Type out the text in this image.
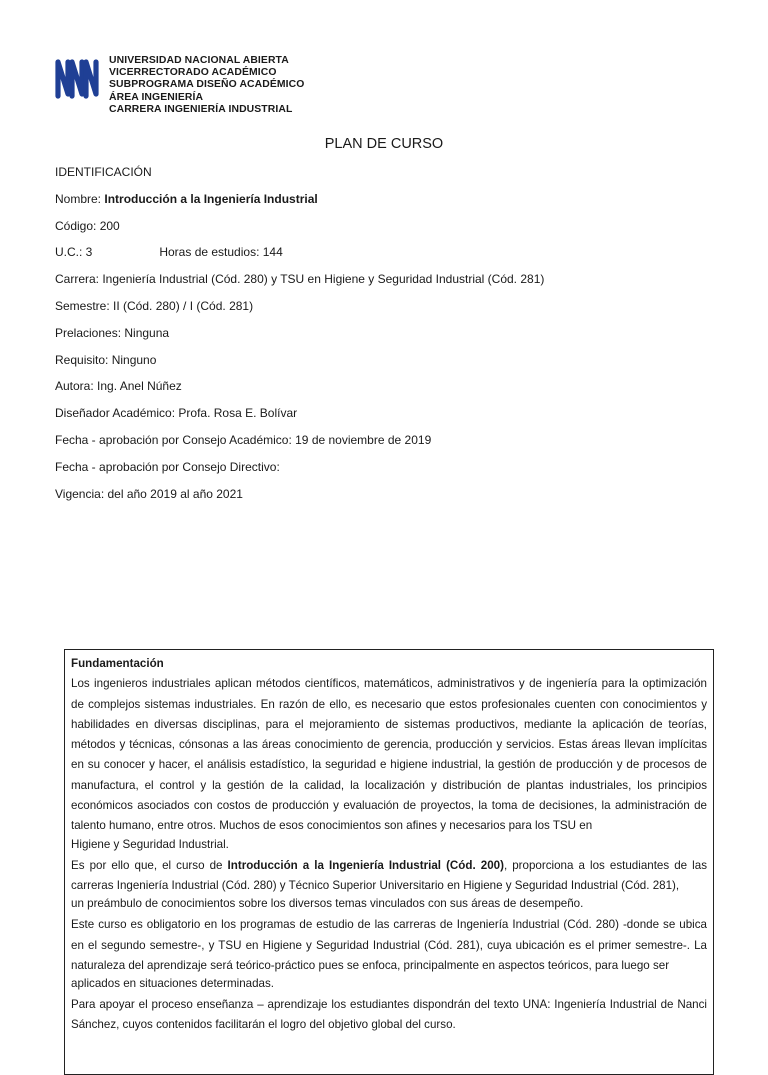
UNIVERSIDAD NACIONAL ABIERTA
VICERRECTORADO ACADÉMICO
SUBPROGRAMA DISEÑO ACADÉMICO
ÁREA INGENIERÍA
CARRERA INGENIERÍA INDUSTRIAL
PLAN DE CURSO
IDENTIFICACIÓN
Nombre: Introducción a la Ingeniería Industrial
Código: 200
U.C.: 3	Horas de estudios: 144
Carrera: Ingeniería Industrial (Cód. 280) y TSU en Higiene y Seguridad Industrial (Cód. 281)
Semestre: II (Cód. 280) / I (Cód. 281)
Prelaciones: Ninguna
Requisito: Ninguno
Autora: Ing. Anel Núñez
Diseñador Académico: Profa. Rosa E. Bolívar
Fecha - aprobación por Consejo Académico: 19 de noviembre de 2019
Fecha - aprobación por Consejo Directivo:
Vigencia: del año 2019 al año 2021
Fundamentación

Los ingenieros industriales aplican métodos científicos, matemáticos, administrativos y de ingeniería para la optimización de complejos sistemas industriales. En razón de ello, es necesario que estos profesionales cuenten con conocimientos y habilidades en diversas disciplinas, para el mejoramiento de sistemas productivos, mediante la aplicación de teorías, métodos y técnicas, cónsonas a las áreas conocimiento de gerencia, producción y servicios. Estas áreas llevan implícitas en su conocer y hacer, el análisis estadístico, la seguridad e higiene industrial, la gestión de producción y de procesos de manufactura, el control y la gestión de la calidad, la localización y distribución de plantas industriales, los principios económicos asociados con costos de producción y evaluación de proyectos, la toma de decisiones, la administración de talento humano, entre otros. Muchos de esos conocimientos son afines y necesarios para los TSU en

Higiene y Seguridad Industrial.

Es por ello que, el curso de Introducción a la Ingeniería Industrial (Cód. 200), proporciona a los estudiantes de las carreras Ingeniería Industrial (Cód. 280) y Técnico Superior Universitario en Higiene y Seguridad Industrial (Cód. 281),

un preámbulo de conocimientos sobre los diversos temas vinculados con sus áreas de desempeño.

Este curso es obligatorio en los programas de estudio de las carreras de Ingeniería Industrial (Cód. 280) -donde se ubica en el segundo semestre-, y TSU en Higiene y Seguridad Industrial (Cód. 281), cuya ubicación es el primer semestre-. La naturaleza del aprendizaje será teórico-práctico pues se enfoca, principalmente en aspectos teóricos, para luego ser

aplicados en situaciones determinadas.

Para apoyar el proceso enseñanza – aprendizaje los estudiantes dispondrán del texto UNA: Ingeniería Industrial de Nanci Sánchez, cuyos contenidos facilitarán el logro del objetivo global del curso.
